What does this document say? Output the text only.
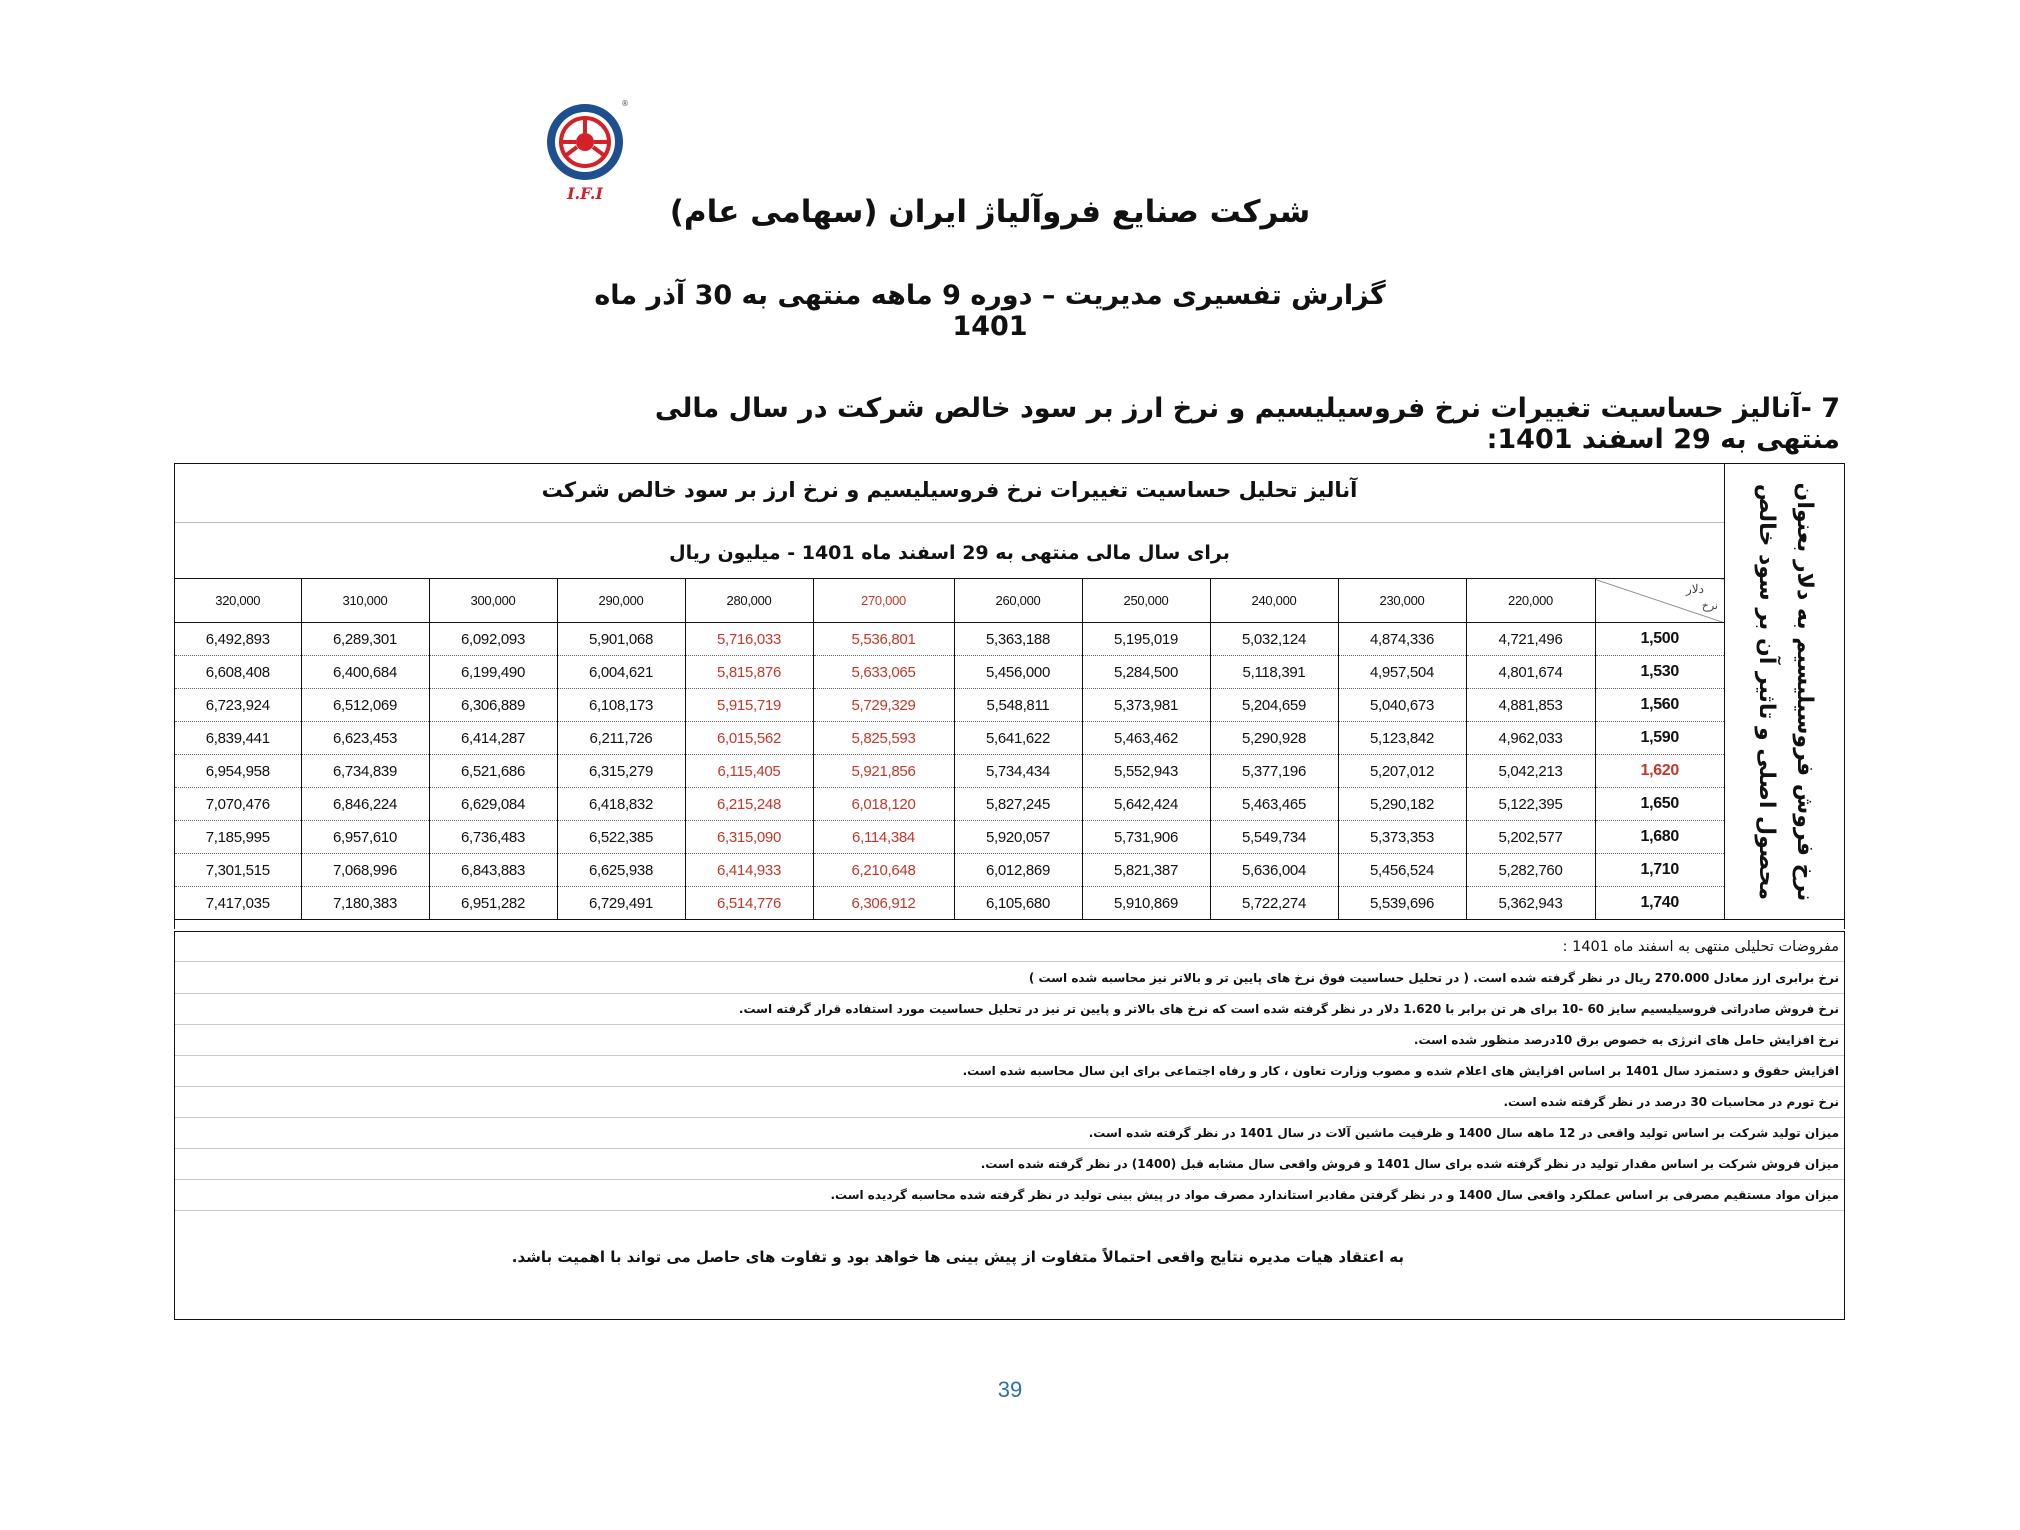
®
I.F.I
شرکت صنایع فروآلیاژ ایران (سهامی عام)
گزارش تفسیری مدیریت – دوره 9 ماهه منتهی به 30 آذر ماه 1401
7 -آنالیز حساسیت تغییرات نرخ فروسیلیسیم و نرخ ارز بر سود خالص شرکت در سال مالی منتهی به 29 اسفند 1401:
آنالیز تحلیل حساسیت تغییرات نرخ فروسیلیسیم و نرخ ارز بر سود خالص شرکت
برای سال مالی منتهی به 29 اسفند ماه 1401 - میلیون ریال	نرخ فروش فروسیلیسیم به دلار بعنوان محصول اصلی و تاثیر آن بر سود خالص
320,000	310,000	300,000	290,000	280,000	270,000	260,000	250,000	240,000	230,000	220,000	دلار
نرخ

6,492,893	6,289,301	6,092,093	5,901,068	5,716,033	5,536,801	5,363,188	5,195,019	5,032,124	4,874,336	4,721,496	1,500
6,608,408	6,400,684	6,199,490	6,004,621	5,815,876	5,633,065	5,456,000	5,284,500	5,118,391	4,957,504	4,801,674	1,530
6,723,924	6,512,069	6,306,889	6,108,173	5,915,719	5,729,329	5,548,811	5,373,981	5,204,659	5,040,673	4,881,853	1,560
6,839,441	6,623,453	6,414,287	6,211,726	6,015,562	5,825,593	5,641,622	5,463,462	5,290,928	5,123,842	4,962,033	1,590
6,954,958	6,734,839	6,521,686	6,315,279	6,115,405	5,921,856	5,734,434	5,552,943	5,377,196	5,207,012	5,042,213	1,620
7,070,476	6,846,224	6,629,084	6,418,832	6,215,248	6,018,120	5,827,245	5,642,424	5,463,465	5,290,182	5,122,395	1,650
7,185,995	6,957,610	6,736,483	6,522,385	6,315,090	6,114,384	5,920,057	5,731,906	5,549,734	5,373,353	5,202,577	1,680
7,301,515	7,068,996	6,843,883	6,625,938	6,414,933	6,210,648	6,012,869	5,821,387	5,636,004	5,456,524	5,282,760	1,710
7,417,035	7,180,383	6,951,282	6,729,491	6,514,776	6,306,912	6,105,680	5,910,869	5,722,274	5,539,696	5,362,943	1,740
مفروضات تحلیلی منتهی به اسفند ماه 1401 :
نرخ برابری ارز معادل 270.000 ریال در نظر گرفته شده است. ( در تحلیل حساسیت فوق نرخ های پایین تر و بالاتر نیز محاسبه شده است )
نرخ فروش صادراتی فروسیلیسیم سایز 60 -10 برای هر تن برابر با 1.620 دلار در نظر گرفته شده است که نرخ های بالاتر و پایین تر نیز در تحلیل حساسیت مورد استفاده قرار گرفته است.
نرخ افزایش حامل های انرژی به خصوص برق 10درصد منظور شده است.
افزایش حقوق و دستمزد سال 1401 بر اساس افزایش های اعلام شده و مصوب وزارت تعاون ، کار و رفاه اجتماعی برای این سال محاسبه شده است.
نرخ تورم در محاسبات 30 درصد در نظر گرفته شده است.
میزان تولید شرکت بر اساس تولید واقعی در 12 ماهه سال 1400 و ظرفیت ماشین آلات در سال 1401 در نظر گرفته شده است.
میزان فروش شرکت بر اساس مقدار تولید در نظر گرفته شده برای سال 1401 و فروش واقعی سال مشابه قبل (1400) در نظر گرفته شده است.
میزان مواد مستقیم مصرفی بر اساس عملکرد واقعی سال 1400 و در نظر گرفتن مقادیر استاندارد مصرف مواد در پیش بینی تولید در نظر گرفته شده محاسبه گردیده است.
به اعتقاد هیات مدیره نتایج واقعی احتمالاً متفاوت از پیش بینی ها خواهد بود و تفاوت های حاصل می تواند با اهمیت باشد.
39
